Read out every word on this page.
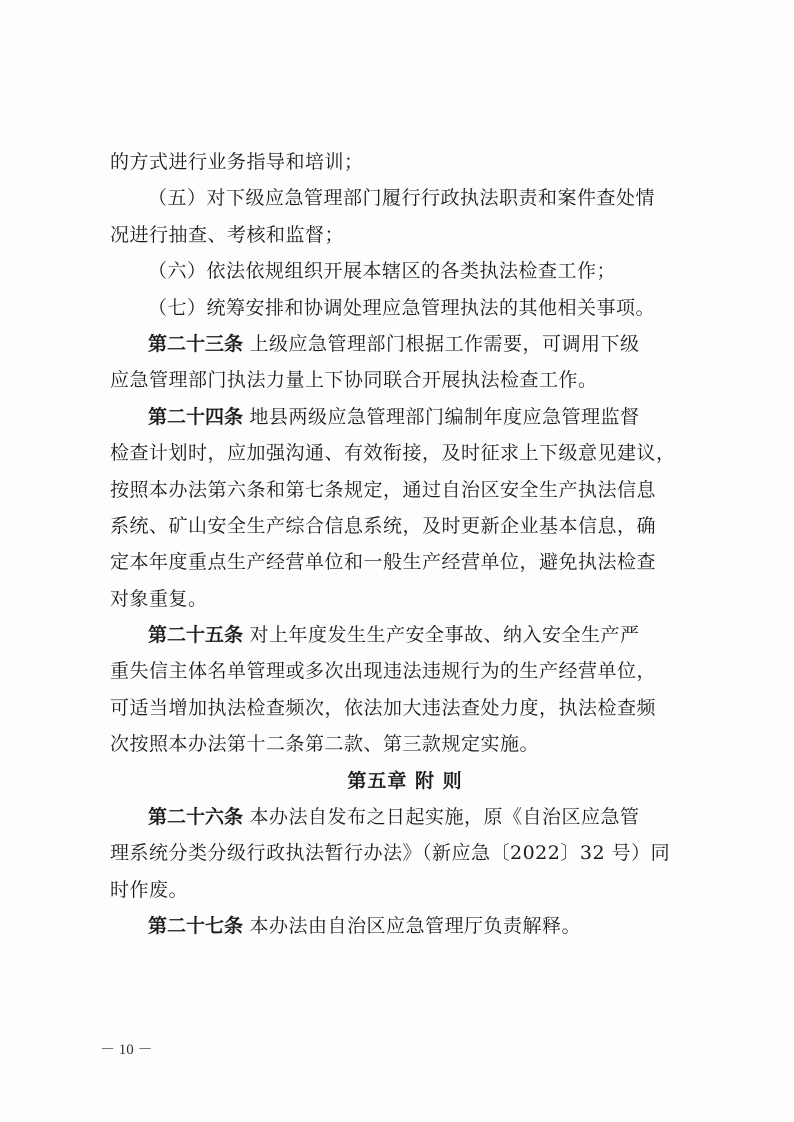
的方式进行业务指导和培训；
（五）对下级应急管理部门履行行政执法职责和案件查处情
况进行抽查、考核和监督；
（六）依法依规组织开展本辖区的各类执法检查工作；
（七）统筹安排和协调处理应急管理执法的其他相关事项。
第二十三条 上级应急管理部门根据工作需要，可调用下级
应急管理部门执法力量上下协同联合开展执法检查工作。
第二十四条 地县两级应急管理部门编制年度应急管理监督
检查计划时，应加强沟通、有效衔接，及时征求上下级意见建议，
按照本办法第六条和第七条规定，通过自治区安全生产执法信息
系统、矿山安全生产综合信息系统，及时更新企业基本信息，确
定本年度重点生产经营单位和一般生产经营单位，避免执法检查
对象重复。
第二十五条 对上年度发生生产安全事故、纳入安全生产严
重失信主体名单管理或多次出现违法违规行为的生产经营单位，
可适当增加执法检查频次，依法加大违法查处力度，执法检查频
次按照本办法第十二条第二款、第三款规定实施。
第五章 附 则
第二十六条 本办法自发布之日起实施，原《自治区应急管
理系统分类分级行政执法暂行办法》（新应急〔2022〕32 号）同
时作废。
第二十七条 本办法由自治区应急管理厅负责解释。
－ 10 －
